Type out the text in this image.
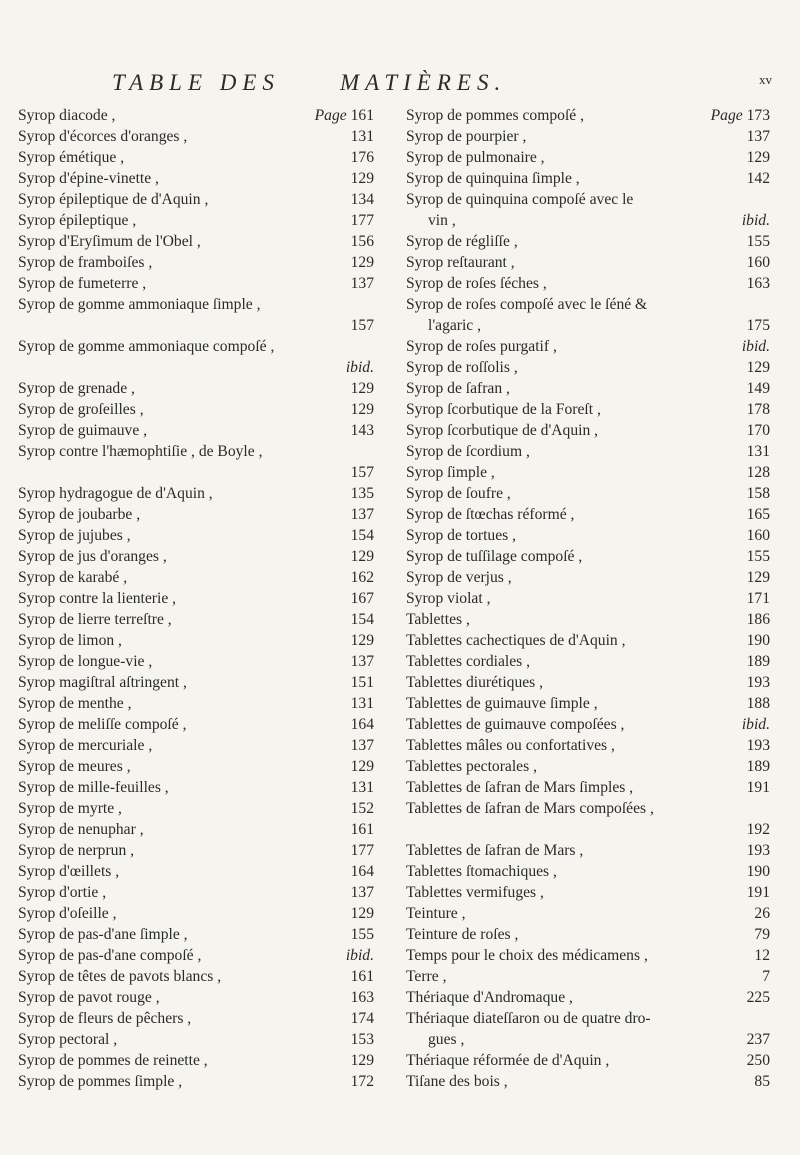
TABLE DES	MATIÈRES.	xv
Syrop diacode ,	Page 161
Syrop d'écorces d'oranges ,	131
Syrop émétique ,	176
Syrop d'épine-vinette ,	129
Syrop épileptique de d'Aquin ,	134
Syrop épileptique ,	177
Syrop d'Eryſimum de l'Obel ,	156
Syrop de framboiſes ,	129
Syrop de fumeterre ,	137
Syrop de gomme ammoniaque ſimple ,
157
Syrop de gomme ammoniaque compoſé ,
ibid.
Syrop de grenade ,	129
Syrop de groſeilles ,	129
Syrop de guimauve ,	143
Syrop contre l'hæmophtiſie , de Boyle ,
157
Syrop hydragogue de d'Aquin ,	135
Syrop de joubarbe ,	137
Syrop de jujubes ,	154
Syrop de jus d'oranges ,	129
Syrop de karabé ,	162
Syrop contre la lienterie ,	167
Syrop de lierre terreſtre ,	154
Syrop de limon ,	129
Syrop de longue-vie ,	137
Syrop magiſtral aſtringent ,	151
Syrop de menthe ,	131
Syrop de meliſſe compoſé ,	164
Syrop de mercuriale ,	137
Syrop de meures ,	129
Syrop de mille-feuilles ,	131
Syrop de myrte ,	152
Syrop de nenuphar ,	161
Syrop de nerprun ,	177
Syrop d'œillets ,	164
Syrop d'ortie ,	137
Syrop d'oſeille ,	129
Syrop de pas-d'ane ſimple ,	155
Syrop de pas-d'ane compoſé ,	ibid.
Syrop de têtes de pavots blancs ,	161
Syrop de pavot rouge ,	163
Syrop de fleurs de pêchers ,	174
Syrop pectoral ,	153
Syrop de pommes de reinette ,	129
Syrop de pommes ſimple ,	172
Syrop de pommes compoſé ,	Page 173
Syrop de pourpier ,	137
Syrop de pulmonaire ,	129
Syrop de quinquina ſimple ,	142
Syrop de quinquina compoſé avec le
vin ,	ibid.
Syrop de régliſſe ,	155
Syrop reſtaurant ,	160
Syrop de roſes ſéches ,	163
Syrop de roſes compoſé avec le ſéné &
l'agaric ,	175
Syrop de roſes purgatif ,	ibid.
Syrop de roſſolis ,	129
Syrop de ſafran ,	149
Syrop ſcorbutique de la Foreſt ,	178
Syrop ſcorbutique de d'Aquin ,	170
Syrop de ſcordium ,	131
Syrop ſimple ,	128
Syrop de ſoufre ,	158
Syrop de ſtœchas réformé ,	165
Syrop de tortues ,	160
Syrop de tuſſilage compoſé ,	155
Syrop de verjus ,	129
Syrop violat ,	171
Tablettes ,	186
Tablettes cachectiques de d'Aquin ,	190
Tablettes cordiales ,	189
Tablettes diurétiques ,	193
Tablettes de guimauve ſimple ,	188
Tablettes de guimauve compoſées ,	ibid.
Tablettes mâles ou confortatives ,	193
Tablettes pectorales ,	189
Tablettes de ſafran de Mars ſimples ,	191
Tablettes de ſafran de Mars compoſées ,
192
Tablettes de ſafran de Mars ,	193
Tablettes ſtomachiques ,	190
Tablettes vermifuges ,	191
Teinture ,	26
Teinture de roſes ,	79
Temps pour le choix des médicamens ,	12
Terre ,	7
Thériaque d'Andromaque ,	225
Thériaque diateſſaron ou de quatre dro-
gues ,	237
Thériaque réformée de d'Aquin ,	250
Tiſane des bois ,	85
